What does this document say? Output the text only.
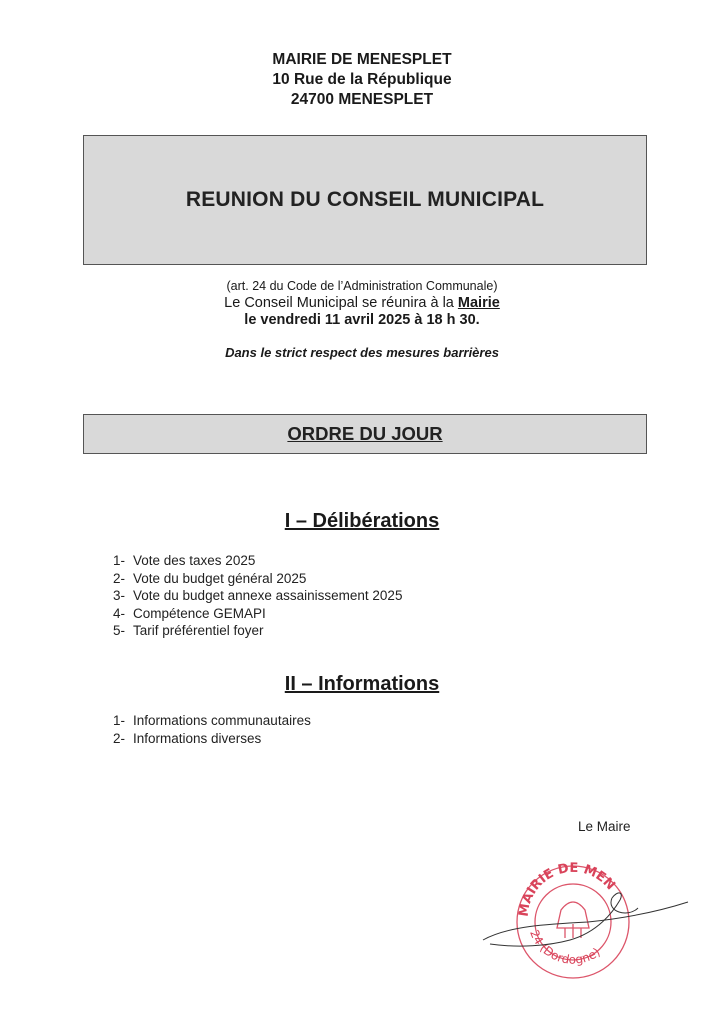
MAIRIE DE MENESPLET
10 Rue de la République
24700 MENESPLET
REUNION DU CONSEIL MUNICIPAL
(art. 24 du Code de l’Administration Communale)
Le Conseil Municipal se réunira à la Mairie
le vendredi 11 avril 2025 à 18 h 30.
Dans le strict respect des mesures barrières
ORDRE DU JOUR
I – Délibérations
1- Vote des taxes 2025
2- Vote du budget général 2025
3- Vote du budget annexe assainissement 2025
4- Compétence GEMAPI
5- Tarif préférentiel foyer
II – Informations
1- Informations communautaires
2- Informations diverses
Le Maire
MAIRIE DE MEN
24 (Dordogne)
